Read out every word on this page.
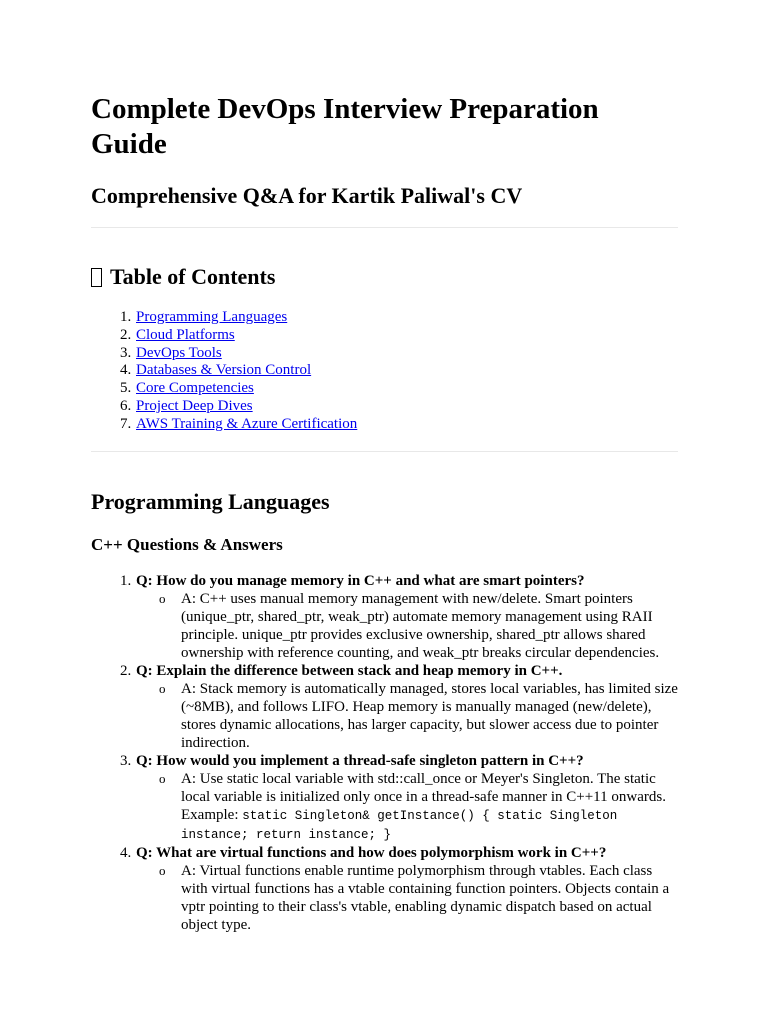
Complete DevOps Interview Preparation Guide
Comprehensive Q&A for Kartik Paliwal's CV
Table of Contents
1. Programming Languages
2. Cloud Platforms
3. DevOps Tools
4. Databases & Version Control
5. Core Competencies
6. Project Deep Dives
7. AWS Training & Azure Certification
Programming Languages
C++ Questions & Answers
1. Q: How do you manage memory in C++ and what are smart pointers?
o A: C++ uses manual memory management with new/delete. Smart pointers (unique_ptr, shared_ptr, weak_ptr) automate memory management using RAII principle. unique_ptr provides exclusive ownership, shared_ptr allows shared ownership with reference counting, and weak_ptr breaks circular dependencies.
2. Q: Explain the difference between stack and heap memory in C++.
o A: Stack memory is automatically managed, stores local variables, has limited size (~8MB), and follows LIFO. Heap memory is manually managed (new/delete), stores dynamic allocations, has larger capacity, but slower access due to pointer indirection.
3. Q: How would you implement a thread-safe singleton pattern in C++?
o A: Use static local variable with std::call_once or Meyer's Singleton. The static local variable is initialized only once in a thread-safe manner in C++11 onwards. Example: static Singleton& getInstance() { static Singleton instance; return instance; }
4. Q: What are virtual functions and how does polymorphism work in C++?
o A: Virtual functions enable runtime polymorphism through vtables. Each class with virtual functions has a vtable containing function pointers. Objects contain a vptr pointing to their class's vtable, enabling dynamic dispatch based on actual object type.
